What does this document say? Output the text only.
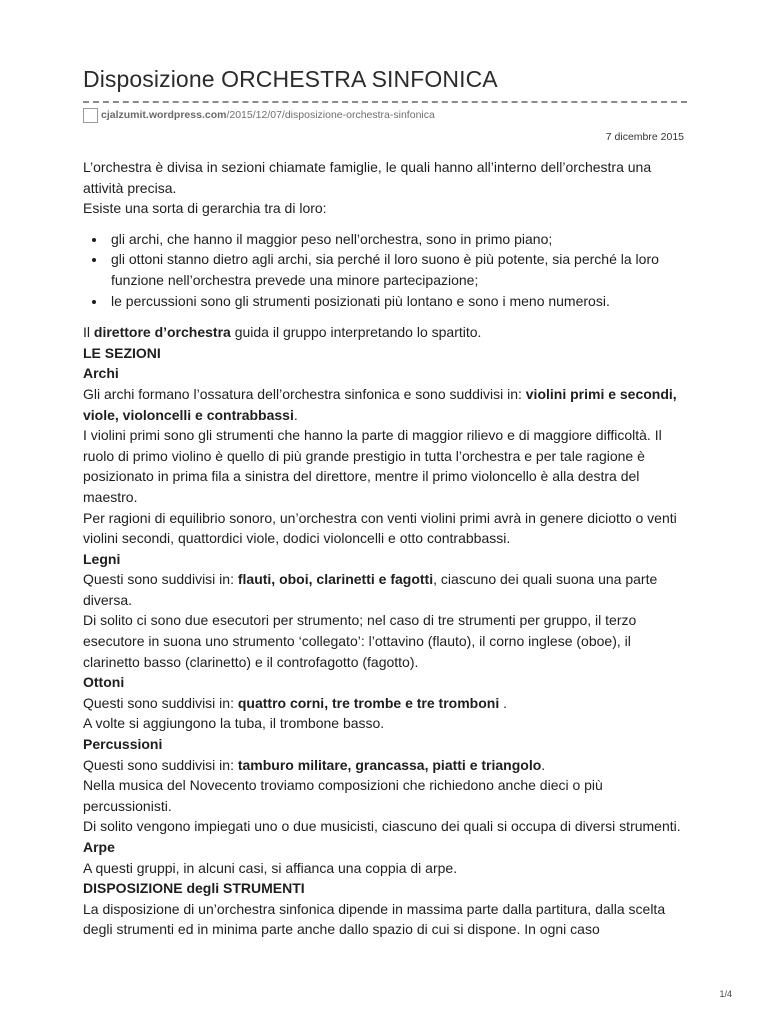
Disposizione ORCHESTRA SINFONICA
cjalzumit.wordpress.com /2015/12/07/disposizione-orchestra-sinfonica
7 dicembre 2015

L’orchestra è divisa in sezioni chiamate famiglie, le quali hanno all’interno dell’orchestra una attività precisa.

Esiste una sorta di gerarchia tra di loro:

• gli archi, che hanno il maggior peso nell’orchestra, sono in primo piano;
• gli ottoni stanno dietro agli archi, sia perché il loro suono è più potente, sia perché la loro funzione nell’orchestra prevede una minore partecipazione;
• le percussioni sono gli strumenti posizionati più lontano e sono i meno numerosi.

Il direttore d’orchestra guida il gruppo interpretando lo spartito.

LE SEZIONI

Archi

Gli archi formano l’ossatura dell’orchestra sinfonica e sono suddivisi in: violini primi e secondi, viole, violoncelli e contrabbassi.

I violini primi sono gli strumenti che hanno la parte di maggior rilievo e di maggiore difficoltà. Il ruolo di primo violino è quello di più grande prestigio in tutta l’orchestra e per tale ragione è posizionato in prima fila a sinistra del direttore, mentre il primo violoncello è alla destra del maestro.

Per ragioni di equilibrio sonoro, un’orchestra con venti violini primi avrà in genere diciotto o venti violini secondi, quattordici viole, dodici violoncelli e otto contrabbassi.

Legni

Questi sono suddivisi in: flauti, oboi, clarinetti e fagotti, ciascuno dei quali suona una parte diversa.

Di solito ci sono due esecutori per strumento; nel caso di tre strumenti per gruppo, il terzo esecutore in suona uno strumento ‘collegato’: l’ottavino (flauto), il corno inglese (oboe), il clarinetto basso (clarinetto) e il controfagotto (fagotto).

Ottoni

Questi sono suddivisi in: quattro corni, tre trombe e tre tromboni .

A volte si aggiungono la tuba, il trombone basso.

Percussioni

Questi sono suddivisi in: tamburo militare, grancassa, piatti e triangolo.

Nella musica del Novecento troviamo composizioni che richiedono anche dieci o più percussionisti.

Di solito vengono impiegati uno o due musicisti, ciascuno dei quali si occupa di diversi strumenti.

Arpe

A questi gruppi, in alcuni casi, si affianca una coppia di arpe.

DISPOSIZIONE degli STRUMENTI

La disposizione di un’orchestra sinfonica dipende in massima parte dalla partitura, dalla scelta degli strumenti ed in minima parte anche dallo spazio di cui si dispone. In ogni caso

1/4
